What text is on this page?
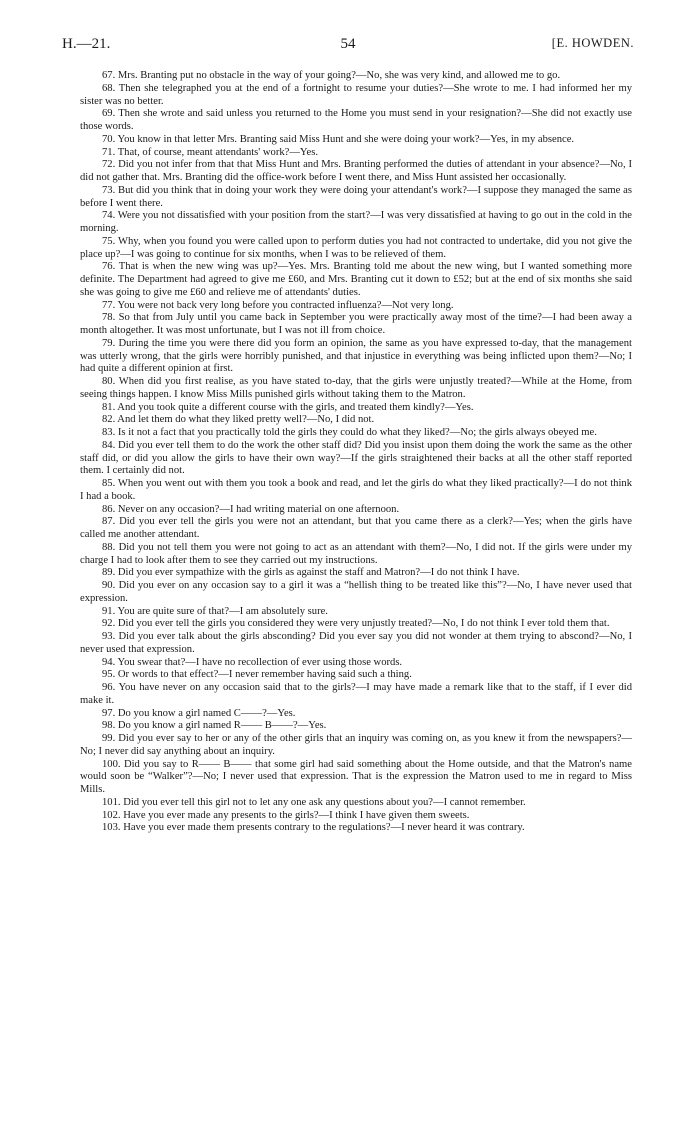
H.—21.	54	[E. HOWDEN.

67. Mrs. Branting put no obstacle in the way of your going?—No, she was very kind, and allowed me to go.

68. Then she telegraphed you at the end of a fortnight to resume your duties?—She wrote to me. I had informed her my sister was no better.

69. Then she wrote and said unless you returned to the Home you must send in your resignation?—She did not exactly use those words.

70. You know in that letter Mrs. Branting said Miss Hunt and she were doing your work?—Yes, in my absence.

71. That, of course, meant attendants' work?—Yes.

72. Did you not infer from that that Miss Hunt and Mrs. Branting performed the duties of attendant in your absence?—No, I did not gather that. Mrs. Branting did the office-work before I went there, and Miss Hunt assisted her occasionally.

73. But did you think that in doing your work they were doing your attendant's work?—I suppose they managed the same as before I went there.

74. Were you not dissatisfied with your position from the start?—I was very dissatisfied at having to go out in the cold in the morning.

75. Why, when you found you were called upon to perform duties you had not contracted to undertake, did you not give the place up?—I was going to continue for six months, when I was to be relieved of them.

76. That is when the new wing was up?—Yes. Mrs. Branting told me about the new wing, but I wanted something more definite. The Department had agreed to give me £60, and Mrs. Branting cut it down to £52; but at the end of six months she said she was going to give me £60 and relieve me of attendants' duties.

77. You were not back very long before you contracted influenza?—Not very long.

78. So that from July until you came back in September you were practically away most of the time?—I had been away a month altogether. It was most unfortunate, but I was not ill from choice.

79. During the time you were there did you form an opinion, the same as you have expressed to-day, that the management was utterly wrong, that the girls were horribly punished, and that injustice in everything was being inflicted upon them?—No; I had quite a different opinion at first.

80. When did you first realise, as you have stated to-day, that the girls were unjustly treated?—While at the Home, from seeing things happen. I know Miss Mills punished girls without taking them to the Matron.

81. And you took quite a different course with the girls, and treated them kindly?—Yes.

82. And let them do what they liked pretty well?—No, I did not.

83. Is it not a fact that you practically told the girls they could do what they liked?—No; the girls always obeyed me.

84. Did you ever tell them to do the work the other staff did? Did you insist upon them doing the work the same as the other staff did, or did you allow the girls to have their own way?—If the girls straightened their backs at all the other staff reported them. I certainly did not.

85. When you went out with them you took a book and read, and let the girls do what they liked practically?—I do not think I had a book.

86. Never on any occasion?—I had writing material on one afternoon.

87. Did you ever tell the girls you were not an attendant, but that you came there as a clerk?—Yes; when the girls have called me another attendant.

88. Did you not tell them you were not going to act as an attendant with them?—No, I did not. If the girls were under my charge I had to look after them to see they carried out my instructions.

89. Did you ever sympathize with the girls as against the staff and Matron?—I do not think I have.

90. Did you ever on any occasion say to a girl it was a “hellish thing to be treated like this”?—No, I have never used that expression.

91. You are quite sure of that?—I am absolutely sure.

92. Did you ever tell the girls you considered they were very unjustly treated?—No, I do not think I ever told them that.

93. Did you ever talk about the girls absconding? Did you ever say you did not wonder at them trying to abscond?—No, I never used that expression.

94. You swear that?—I have no recollection of ever using those words.

95. Or words to that effect?—I never remember having said such a thing.

96. You have never on any occasion said that to the girls?—I may have made a remark like that to the staff, if I ever did make it.

97. Do you know a girl named C——?—Yes.

98. Do you know a girl named R—— B——?—Yes.

99. Did you ever say to her or any of the other girls that an inquiry was coming on, as you knew it from the newspapers?—No; I never did say anything about an inquiry.

100. Did you say to R—— B—— that some girl had said something about the Home outside, and that the Matron's name would soon be “Walker”?—No; I never used that expression. That is the expression the Matron used to me in regard to Miss Mills.

101. Did you ever tell this girl not to let any one ask any questions about you?—I cannot remember.

102. Have you ever made any presents to the girls?—I think I have given them sweets.

103. Have you ever made them presents contrary to the regulations?—I never heard it was contrary.
